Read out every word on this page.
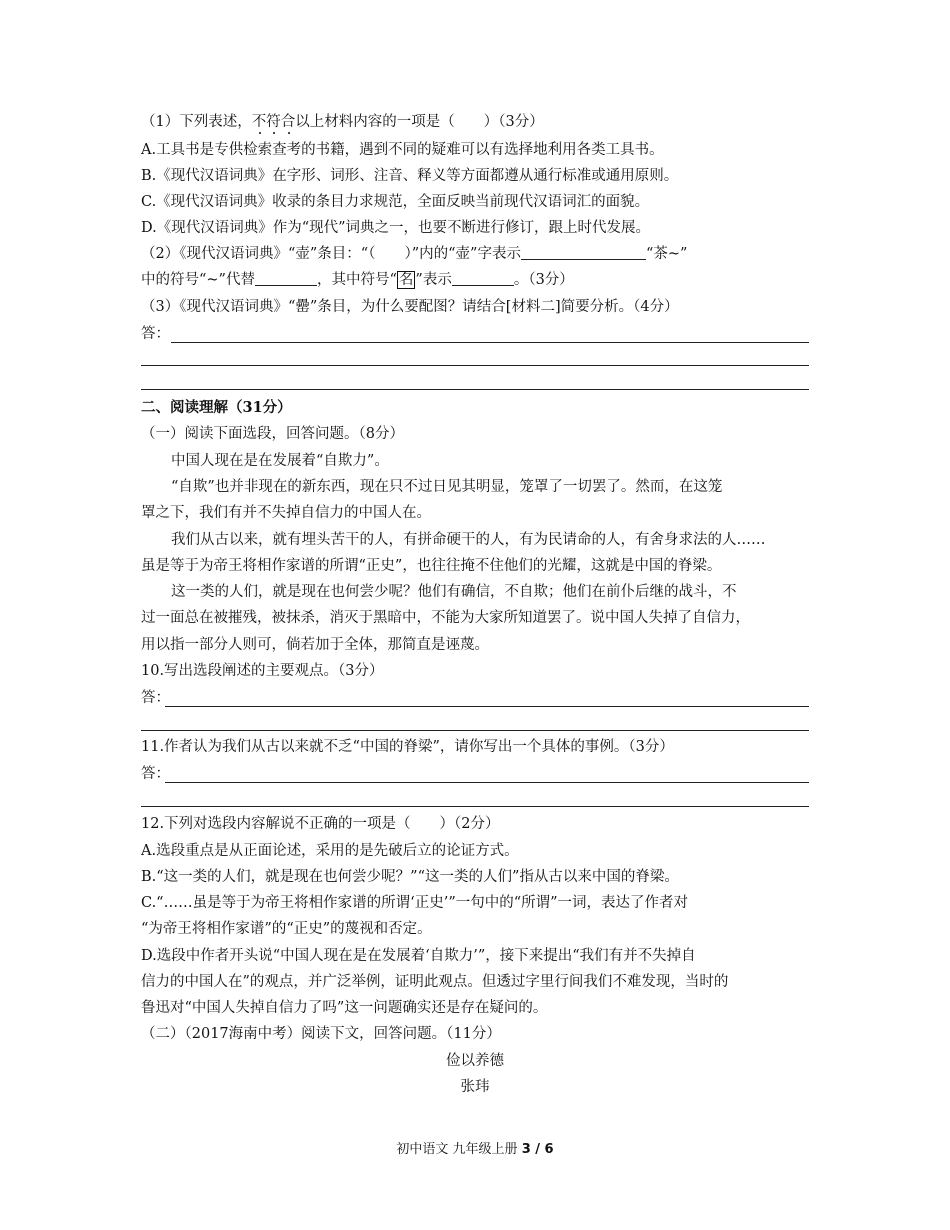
（1）下列表述，不符合以上材料内容的一项是（　　）（3分）
A.工具书是专供检索查考的书籍，遇到不同的疑难可以有选择地利用各类工具书。
B.《现代汉语词典》在字形、词形、注音、释义等方面都遵从通行标准或通用原则。
C.《现代汉语词典》收录的条目力求规范，全面反映当前现代汉语词汇的面貌。
D.《现代汉语词典》作为“现代”词典之一，也要不断进行修订，跟上时代发展。
（2）《现代汉语词典》“壶”条目：“（　　）”内的“壶”字表示	“茶~”
中的符号“~”代替	，其中符号“ 名 ”表示	。（3分）
（3）《现代汉语词典》“罍”条目，为什么要配图？请结合[材料二]简要分析。（4分）
答：
二、阅读理解（31分）
（一）阅读下面选段，回答问题。（8分）
中国人现在是在发展着“自欺力”。
“自欺”也并非现在的新东西，现在只不过日见其明显，笼罩了一切罢了。然而，在这笼
罩之下，我们有并不失掉自信力的中国人在。
我们从古以来，就有埋头苦干的人，有拼命硬干的人，有为民请命的人，有舍身求法的人……
虽是等于为帝王将相作家谱的所谓“正史”，也往往掩不住他们的光耀，这就是中国的脊梁。
这一类的人们，就是现在也何尝少呢？他们有确信，不自欺；他们在前仆后继的战斗，不
过一面总在被摧残，被抹杀，消灭于黑暗中，不能为大家所知道罢了。说中国人失掉了自信力，
用以指一部分人则可，倘若加于全体，那简直是诬蔑。
10.写出选段阐述的主要观点。（3分）
答：
11.作者认为我们从古以来就不乏“中国的脊梁”，请你写出一个具体的事例。（3分）
答：
12.下列对选段内容解说不正确的一项是（　　）（2分）
A.选段重点是从正面论述，采用的是先破后立的论证方式。
B.“这一类的人们，就是现在也何尝少呢？”“这一类的人们”指从古以来中国的脊梁。
C.“……虽是等于为帝王将相作家谱的所谓‘正史’”一句中的“所谓”一词，表达了作者对
“为帝王将相作家谱”的“正史”的蔑视和否定。
D.选段中作者开头说“中国人现在是在发展着‘自欺力’”，接下来提出“我们有并不失掉自
信力的中国人在”的观点，并广泛举例，证明此观点。但透过字里行间我们不难发现，当时的
鲁迅对“中国人失掉自信力了吗”这一问题确实还是存在疑问的。
（二）（2017海南中考）阅读下文，回答问题。（11分）
俭以养德
张玮
初中语文 九年级上册 3 / 6
